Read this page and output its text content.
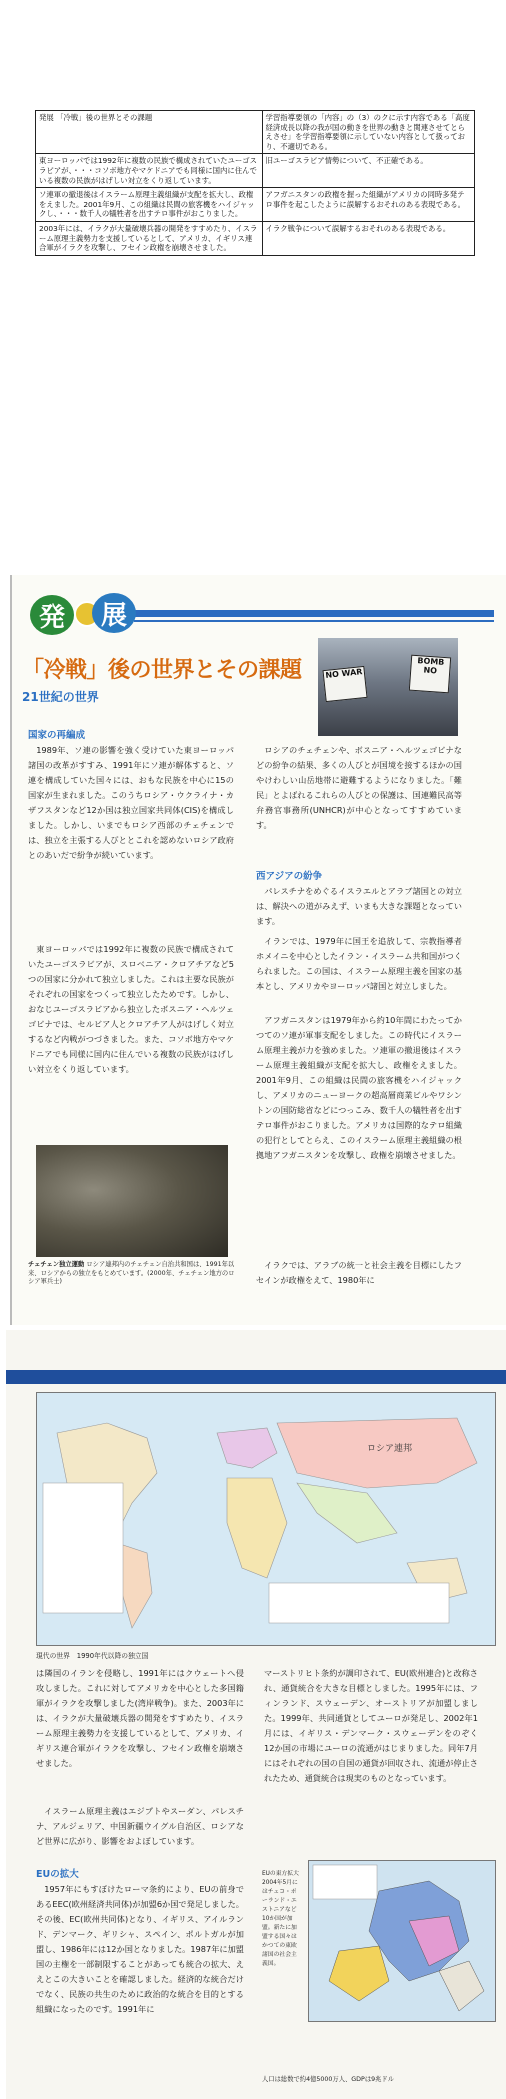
発展 「冷戦」後の世界とその課題	学習指導要領の「内容」の（3）のクに示す内容である「高度経済成長以降の我が国の動きを世界の動きと関連させてとらえさせ」を学習指導要領に示していない内容として扱っており、不適切である。
東ヨーロッパでは1992年に複数の民族で構成されていたユーゴスラビアが、・・・コソボ地方やマケドニアでも同様に国内に住んでいる複数の民族がはげしい対立をくり返しています。	旧ユーゴスラビア情勢について、不正確である。
ソ連軍の撤退後はイスラーム原理主義組織が支配を拡大し、政権をえました。2001年9月、この組織は民間の旅客機をハイジャックし、・・・数千人の犠牲者を出すテロ事件がおこりました。	アフガニスタンの政権を握った組織がアメリカの同時多発テロ事件を起こしたように誤解するおそれのある表現である。
2003年には、イラクが大量破壊兵器の開発をすすめたり、イスラーム原理主義勢力を支援しているとして、アメリカ、イギリス連合軍がイラクを攻撃し、フセイン政権を崩壊させました。	イラク戦争について誤解するおそれのある表現である。
発	展
「冷戦」後の世界とその課題
21世紀の世界
NO WAR
BOMB NO
国家の再編成
1989年、ソ連の影響を強く受けていた東ヨーロッパ諸国の改革がすすみ、1991年にソ連が解体すると、ソ連を構成していた国々には、おもな民族を中心に15の国家が生まれました。このうちロシア・ウクライナ・カザフスタンなど12か国は独立国家共同体(CIS)を構成しました。しかし、いまでもロシア西部のチェチェンでは、独立を主張する人びととこれを認めないロシア政府とのあいだで紛争が続いています。
東ヨーロッパでは1992年に複数の民族で構成されていたユーゴスラビアが、スロベニア・クロアチアなど5つの国家に分かれて独立しました。これは主要な民族がそれぞれの国家をつくって独立したためです。しかし、おなじユーゴスラビアから独立したボスニア・ヘルツェゴビナでは、セルビア人とクロアチア人がはげしく対立するなど内戦がつづきました。また、コソボ地方やマケドニアでも同様に国内に住んでいる複数の民族がはげしい対立をくり返しています。
チェチェン独立運動 ロシア連邦内のチェチェン自治共和国は、1991年以来、ロシアからの独立をもとめています。(2000年、チェチェン地方のロシア軍兵士)
ロシアのチェチェンや、ボスニア・ヘルツェゴビナなどの紛争の結果、多くの人びとが国境を接するほかの国やけわしい山岳地帯に避難するようになりました。「難民」とよばれるこれらの人びとの保護は、国連難民高等弁務官事務所(UNHCR)が中心となってすすめています。
西アジアの紛争
パレスチナをめぐるイスラエルとアラブ諸国との対立は、解決への道がみえず、いまも大きな課題となっています。
イランでは、1979年に国王を追放して、宗教指導者ホメイニを中心としたイラン・イスラーム共和国がつくられました。この国は、イスラーム原理主義を国家の基本とし、アメリカやヨーロッパ諸国と対立しました。
アフガニスタンは1979年から約10年間にわたってかつてのソ連が軍事支配をしました。この時代にイスラーム原理主義が力を強めました。ソ連軍の撤退後はイスラーム原理主義組織が支配を拡大し、政権をえました。2001年9月、この組織は民間の旅客機をハイジャックし、アメリカのニューヨークの超高層商業ビルやワシントンの国防総省などにつっこみ、数千人の犠牲者を出すテロ事件がおこりました。アメリカは国際的なテロ組織の犯行としてとらえ、このイスラーム原理主義組織の根拠地アフガニスタンを攻撃し、政権を崩壊させました。
イラクでは、アラブの統一と社会主義を目標にしたフセインが政権をえて、1980年に
ロシア連邦
現代の世界　1990年代以降の独立国
は隣国のイランを侵略し、1991年にはクウェートへ侵攻しました。これに対してアメリカを中心とした多国籍軍がイラクを攻撃しました(湾岸戦争)。また、2003年には、イラクが大量破壊兵器の開発をすすめたり、イスラーム原理主義勢力を支援しているとして、アメリカ、イギリス連合軍がイラクを攻撃し、フセイン政権を崩壊させました。
イスラーム原理主義はエジプトやスーダン、パレスチナ、アルジェリア、中国新疆ウイグル自治区、ロシアなど世界に広がり、影響をおよぼしています。
EUの拡大
1957年にもすぼけたローマ条約により、EUの前身であるEEC(欧州経済共同体)が加盟6か国で発足しました。その後、EC(欧州共同体)となり、イギリス、アイルランド、デンマーク、ギリシャ、スペイン、ポルトガルが加盟し、1986年には12か国となりました。1987年に加盟国の主権を一部制限することがあっても統合の拡大、ええとこの大きいことを確認しました。経済的な統合だけでなく、民族の共生のために政治的な統合を目的とする組織になったのです。1991年に
マーストリヒト条約が調印されて、EU(欧州連合)と改称され、通貨統合を大きな目標としました。1995年には、フィンランド、スウェーデン、オーストリアが加盟しました。1999年、共同通貨としてユーロが発足し、2002年1月には、イギリス・デンマーク・スウェーデンをのぞく12か国の市場にユーロの流通がはじまりました。同年7月にはそれぞれの国の自国の通貨が回収され、流通が停止されたため、通貨統合は現実のものとなっています。
EUの東方拡大 2004年5月にはチェコ・ポーランド・エストニアなど10か国が加盟。新たに加盟する国々はかつての東欧諸国の社会主義国。
人口は総数で約4億5000万人、GDPは9兆ドル
